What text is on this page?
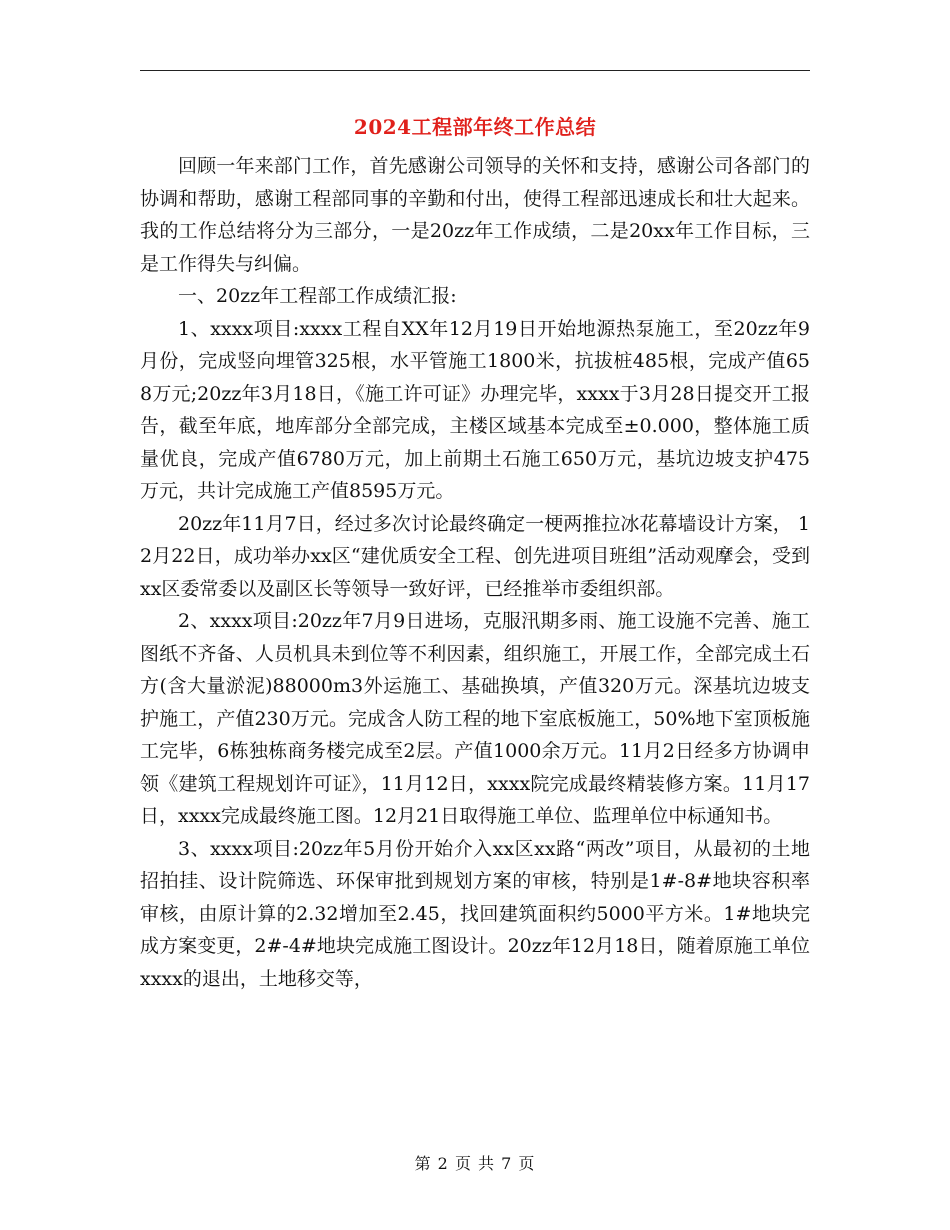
2024工程部年终工作总结

回顾一年来部门工作，首先感谢公司领导的关怀和支持，感谢公司各部门的协调和帮助，感谢工程部同事的辛勤和付出，使得工程部迅速成长和壮大起来。我的工作总结将分为三部分，一是20zz年工作成绩，二是20xx年工作目标，三是工作得失与纠偏。

一、20zz年工程部工作成绩汇报:

1、xxxx项目:xxxx工程自XX年12月19日开始地源热泵施工，至20zz年9月份，完成竖向埋管325根，水平管施工1800米，抗拔桩485根，完成产值658万元;20zz年3月18日，《施工许可证》办理完毕，xxxx于3月28日提交开工报告，截至年底，地库部分全部完成，主楼区域基本完成至±0.000，整体施工质量优良，完成产值6780万元，加上前期土石施工650万元，基坑边坡支护475万元，共计完成施工产值8595万元。

20zz年11月7日，经过多次讨论最终确定一梗两推拉冰花幕墙设计方案， 12月22日，成功举办xx区“建优质安全工程、创先进项目班组”活动观摩会，受到xx区委常委以及副区长等领导一致好评，已经推举市委组织部。

2、xxxx项目:20zz年7月9日进场，克服汛期多雨、施工设施不完善、施工图纸不齐备、人员机具未到位等不利因素，组织施工，开展工作，全部完成土石方(含大量淤泥)88000m3外运施工、基础换填，产值320万元。深基坑边坡支护施工，产值230万元。完成含人防工程的地下室底板施工，50%地下室顶板施工完毕，6栋独栋商务楼完成至2层。产值1000余万元。11月2日经多方协调申领《建筑工程规划许可证》，11月12日，xxxx院完成最终精装修方案。11月17日，xxxx完成最终施工图。12月21日取得施工单位、监理单位中标通知书。

3、xxxx项目:20zz年5月份开始介入xx区xx路“两改”项目，从最初的土地招拍挂、设计院筛选、环保审批到规划方案的审核，特别是1#-8#地块容积率审核，由原计算的2.32增加至2.45，找回建筑面积约5000平方米。1#地块完成方案变更，2#-4#地块完成施工图设计。20zz年12月18日，随着原施工单位xxxx的退出，土地移交等，

第 2 页 共 7 页
